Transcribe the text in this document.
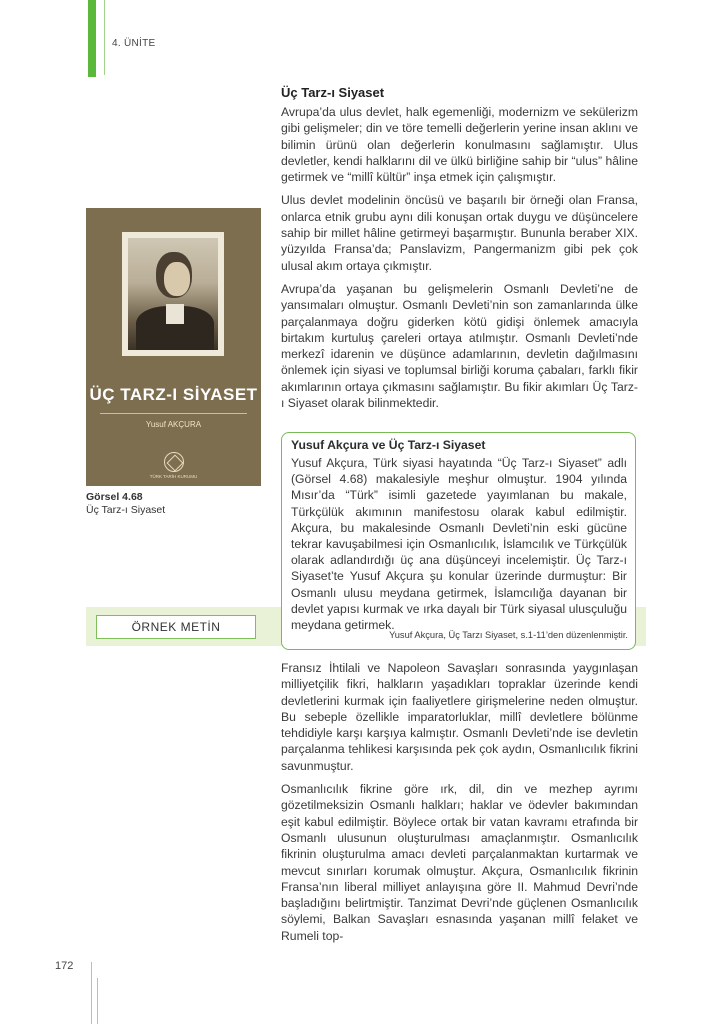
4. ÜNİTE
Üç Tarz-ı Siyaset

Avrupa’da ulus devlet, halk egemenliği, modernizm ve sekülerizm gibi gelişmeler; din ve töre temelli değerlerin yerine insan aklını ve bilimin ürünü olan değerlerin konulmasını sağlamıştır. Ulus devletler, kendi halklarını dil ve ülkü birliğine sahip bir “ulus” hâline getirmek ve “millî kültür” inşa etmek için çalışmıştır.

Ulus devlet modelinin öncüsü ve başarılı bir örneği olan Fransa, onlarca etnik grubu aynı dili konuşan ortak duygu ve düşüncelere sahip bir millet hâline getirmeyi başarmıştır. Bununla beraber XIX. yüzyılda Fransa’da; Panslavizm, Pangermanizm gibi pek çok ulusal akım ortaya çıkmıştır.

Avrupa’da yaşanan bu gelişmelerin Osmanlı Devleti’ne de yansımaları olmuştur. Osmanlı Devleti’nin son zamanlarında ülke parçalanmaya doğru giderken kötü gidişi önlemek amacıyla birtakım kurtuluş çareleri ortaya atılmıştır. Osmanlı Devleti’nde merkezî idarenin ve düşünce adamlarının, devletin dağılmasını önlemek için siyasi ve toplumsal birliği koruma çabaları, farklı fikir akımlarının ortaya çıkmasını sağlamıştır. Bu fikir akımları Üç Tarz-ı Siyaset olarak bilinmektedir.

ÜÇ TARZ-I SİYASET
Yusuf AKÇURA
TÜRK TARİH KURUMU
Görsel 4.68
Üç Tarz-ı Siyaset
ÖRNEK METİN
Yusuf Akçura ve Üç Tarz-ı Siyaset

Yusuf Akçura, Türk siyasi hayatında “Üç Tarz-ı Siyaset” adlı (Görsel 4.68) makalesiyle meşhur olmuştur. 1904 yılında Mısır’da “Türk” isimli gazetede yayımlanan bu makale, Türkçülük akımının manifestosu olarak kabul edilmiştir. Akçura, bu makalesinde Osmanlı Devleti’nin eski gücüne tekrar kavuşabilmesi için Osmanlıcılık, İslamcılık ve Türkçülük olarak adlandırdığı üç ana düşünceyi incelemiştir. Üç Tarz-ı Siyaset’te Yusuf Akçura şu konular üzerinde durmuştur: Bir Osmanlı ulusu meydana getirmek, İslamcılığa dayanan bir devlet yapısı kurmak ve ırka dayalı bir Türk siyasal ulusçuluğu meydana getirmek.

Yusuf Akçura, Üç Tarzı Siyaset, s.1-11’den düzenlenmiştir.

Fransız İhtilali ve Napoleon Savaşları sonrasında yaygınlaşan milliyetçilik fikri, halkların yaşadıkları topraklar üzerinde kendi devletlerini kurmak için faaliyetlere girişmelerine neden olmuştur. Bu sebeple özellikle imparatorluklar, millî devletlere bölünme tehdidiyle karşı karşıya kalmıştır. Osmanlı Devleti’nde ise devletin parçalanma tehlikesi karşısında pek çok aydın, Osmanlıcılık fikrini savunmuştur.

Osmanlıcılık fikrine göre ırk, dil, din ve mezhep ayrımı gözetilmeksizin Osmanlı halkları; haklar ve ödevler bakımından eşit kabul edilmiştir. Böylece ortak bir vatan kavramı etrafında bir Osmanlı ulusunun oluşturulması amaçlanmıştır. Osmanlıcılık fikrinin oluşturulma amacı devleti parçalanmaktan kurtarmak ve mevcut sınırları korumak olmuştur. Akçura, Osmanlıcılık fikrinin Fransa’nın liberal milliyet anlayışına göre II. Mahmud Devri’nde başladığını belirtmiştir. Tanzimat Devri’nde güçlenen Osmanlıcılık söylemi, Balkan Savaşları esnasında yaşanan millî felaket ve Rumeli top-

172
